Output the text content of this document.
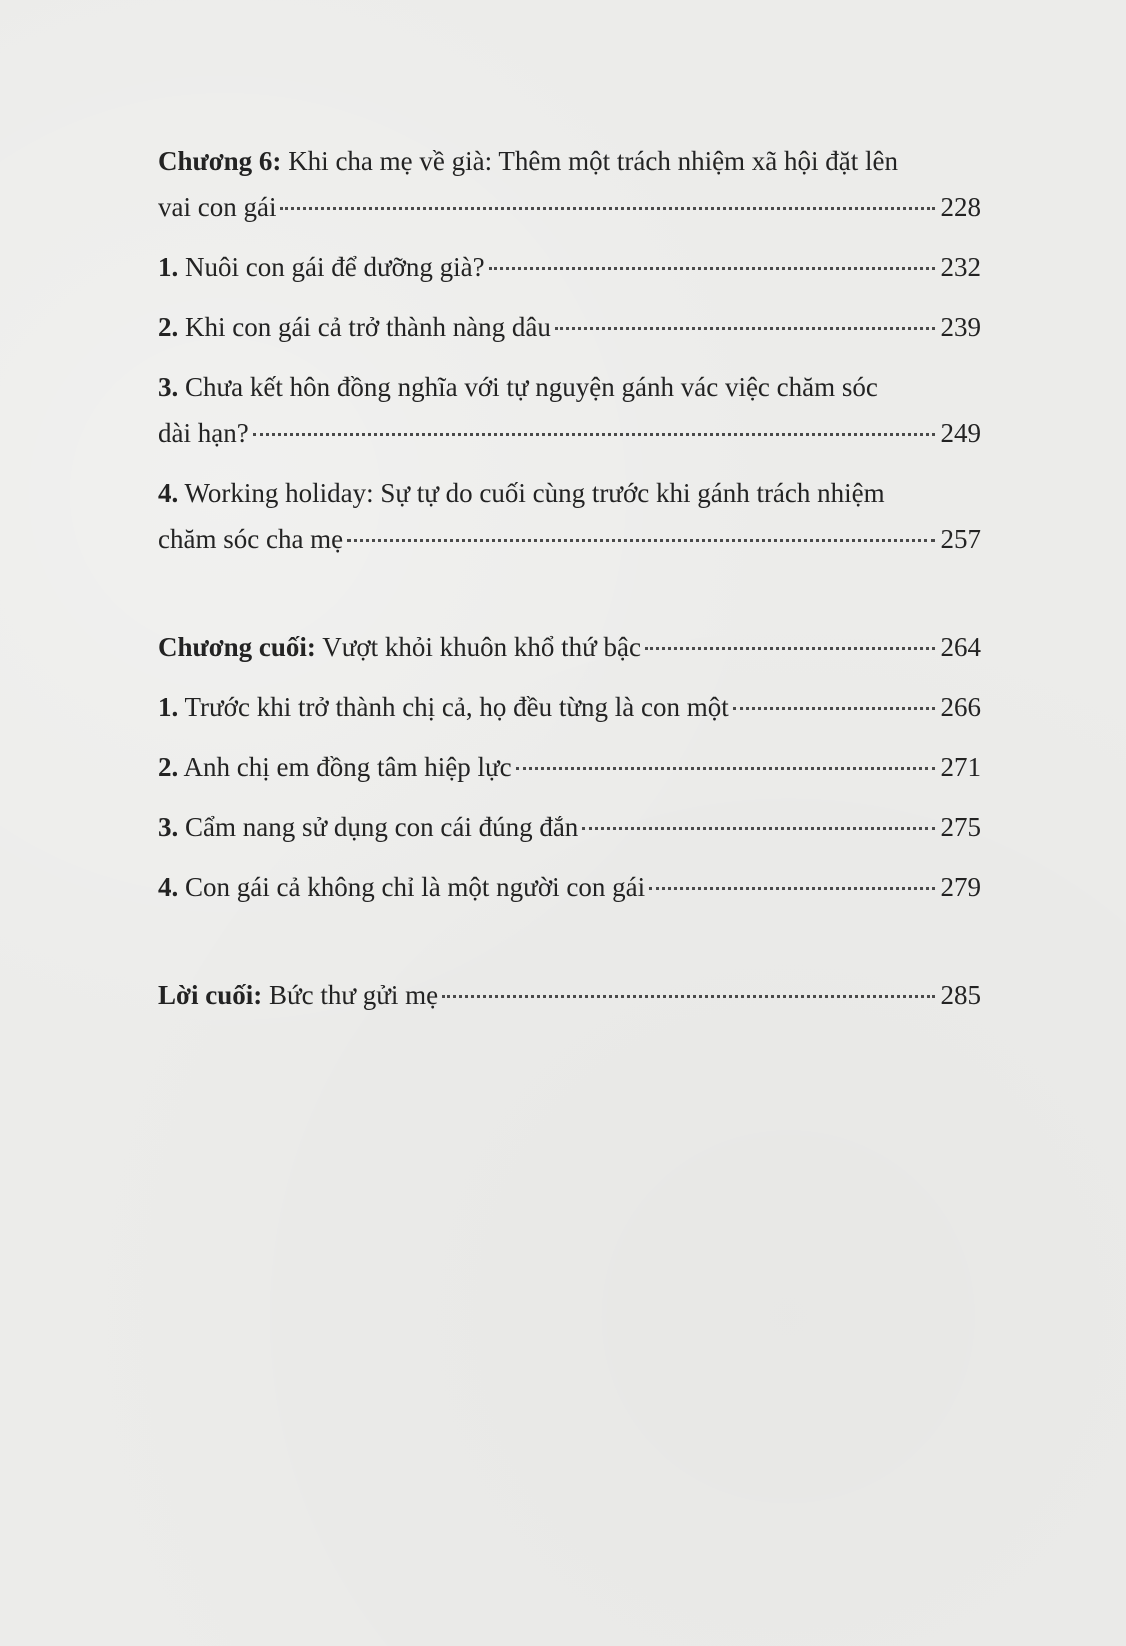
Chương 6: Khi cha mẹ về già: Thêm một trách nhiệm xã hội đặt lên
vai con gái	228
1. Nuôi con gái để dưỡng già?	232
2. Khi con gái cả trở thành nàng dâu	239
3. Chưa kết hôn đồng nghĩa với tự nguyện gánh vác việc chăm sóc
dài hạn?	249
4. Working holiday: Sự tự do cuối cùng trước khi gánh trách nhiệm
chăm sóc cha mẹ	257
Chương cuối: Vượt khỏi khuôn khổ thứ bậc	264
1. Trước khi trở thành chị cả, họ đều từng là con một	266
2. Anh chị em đồng tâm hiệp lực	271
3. Cẩm nang sử dụng con cái đúng đắn	275
4. Con gái cả không chỉ là một người con gái	279
Lời cuối: Bức thư gửi mẹ	285
